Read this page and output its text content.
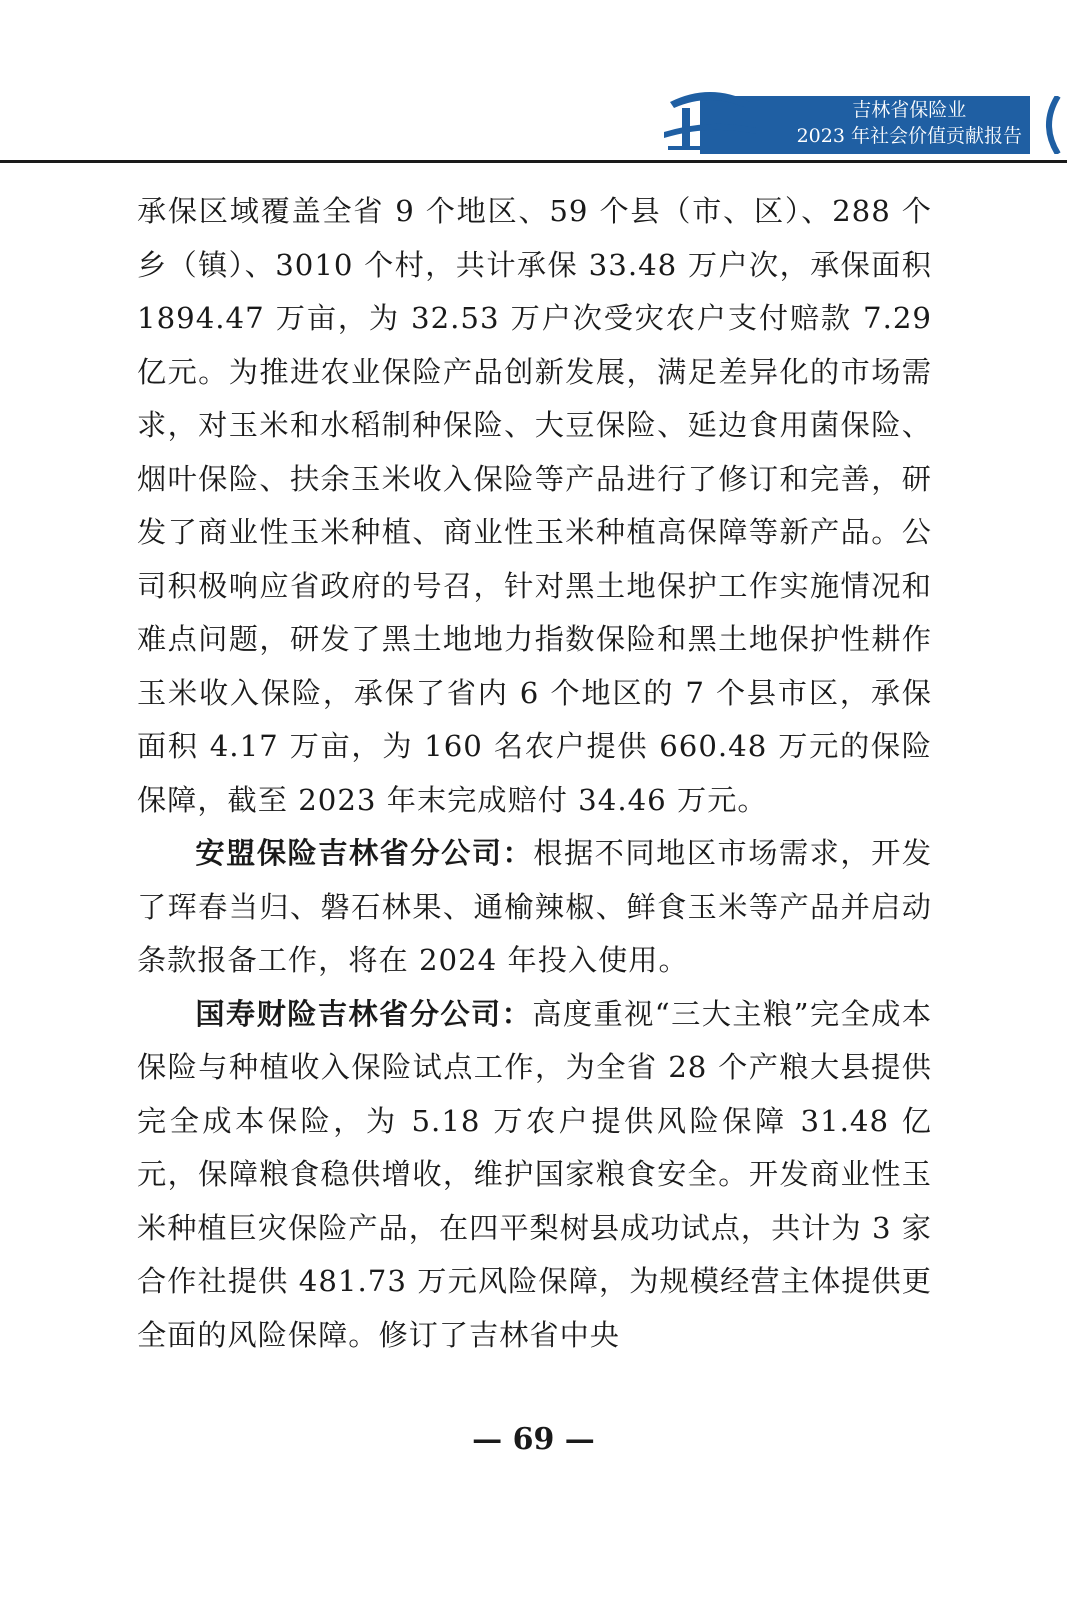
吉林省保险业
2023 年社会价值贡献报告

承保区域覆盖全省 9 个地区、59 个县（市、区）、288 个乡（镇）、3010 个村，共计承保 33.48 万户次，承保面积 1894.47 万亩，为 32.53 万户次受灾农户支付赔款 7.29 亿元。为推进农业保险产品创新发展，满足差异化的市场需求，对玉米和水稻制种保险、大豆保险、延边食用菌保险、烟叶保险、扶余玉米收入保险等产品进行了修订和完善，研发了商业性玉米种植、商业性玉米种植高保障等新产品。公司积极响应省政府的号召，针对黑土地保护工作实施情况和难点问题，研发了黑土地地力指数保险和黑土地保护性耕作玉米收入保险，承保了省内 6 个地区的 7 个县市区，承保面积 4.17 万亩，为 160 名农户提供 660.48 万元的保险保障，截至 2023 年末完成赔付 34.46 万元。

安盟保险吉林省分公司：根据不同地区市场需求，开发了珲春当归、磐石林果、通榆辣椒、鲜食玉米等产品并启动条款报备工作，将在 2024 年投入使用。

国寿财险吉林省分公司：高度重视“三大主粮”完全成本保险与种植收入保险试点工作，为全省 28 个产粮大县提供完全成本保险，为 5.18 万农户提供风险保障 31.48 亿元，保障粮食稳供增收，维护国家粮食安全。开发商业性玉米种植巨灾保险产品，在四平梨树县成功试点，共计为 3 家合作社提供 481.73 万元风险保障，为规模经营主体提供更全面的风险保障。修订了吉林省中央

— 69 —
